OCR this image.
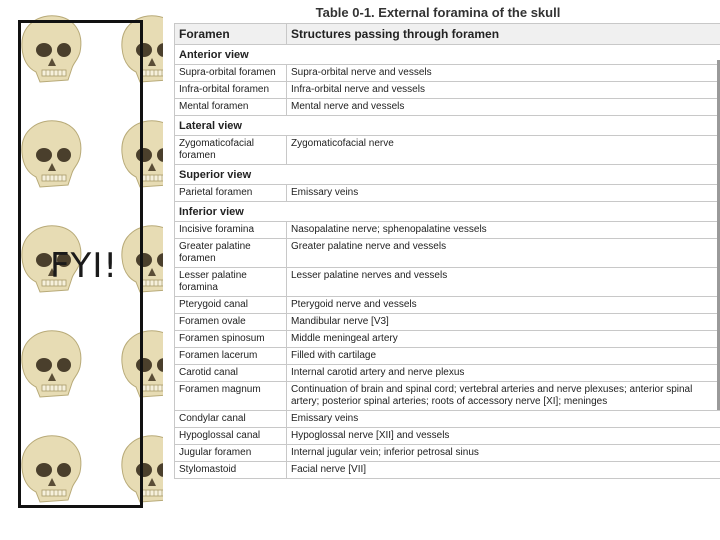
FYI!
Table 0-1. External foramina of the skull
Foramen	Structures passing through foramen
Anterior view	
Supra-orbital foramen	Supra-orbital nerve and vessels
Infra-orbital foramen	Infra-orbital nerve and vessels
Mental foramen	Mental nerve and vessels
Lateral view	
Zygomaticofacial foramen	Zygomaticofacial nerve
Superior view	
Parietal foramen	Emissary veins
Inferior view	
Incisive foramina	Nasopalatine nerve; sphenopalatine vessels
Greater palatine foramen	Greater palatine nerve and vessels
Lesser palatine foramina	Lesser palatine nerves and vessels
Pterygoid canal	Pterygoid nerve and vessels
Foramen ovale	Mandibular nerve [V3]
Foramen spinosum	Middle meningeal artery
Foramen lacerum	Filled with cartilage
Carotid canal	Internal carotid artery and nerve plexus
Foramen magnum	Continuation of brain and spinal cord; vertebral arteries and nerve plexuses; anterior spinal artery; posterior spinal arteries; roots of accessory nerve [XI]; meninges
Condylar canal	Emissary veins
Hypoglossal canal	Hypoglossal nerve [XII] and vessels
Jugular foramen	Internal jugular vein; inferior petrosal sinus
Stylomastoid	Facial nerve [VII]
